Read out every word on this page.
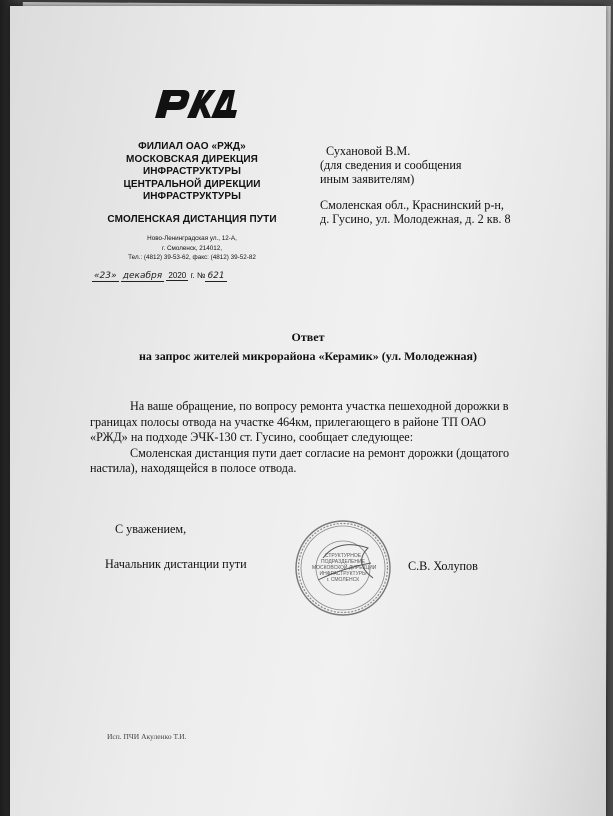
ФИЛИАЛ ОАО «РЖД»
МОСКОВСКАЯ ДИРЕКЦИЯ
ИНФРАСТРУКТУРЫ
ЦЕНТРАЛЬНОЙ ДИРЕКЦИИ
ИНФРАСТРУКТУРЫ
СМОЛЕНСКАЯ ДИСТАНЦИЯ ПУТИ
Ново-Ленинградская ул., 12-А,
г. Смоленск, 214012,
Тел.: (4812) 39-53-62, факс: (4812) 39-52-82
«23» декабря 2020 г. № 621
Сухановой В.М.
(для сведения и сообщения
иным заявителям)
Смоленская обл., Краснинский р-н,
д. Гусино, ул. Молодежная, д. 2 кв. 8
Ответ
на запрос жителей микрорайона «Керамик» (ул. Молодежная)
На ваше обращение, по вопросу ремонта участка пешеходной дорожки в
границах полосы отвода на участке 464км, прилегающего в районе ТП ОАО
«РЖД» на подходе ЭЧК-130 ст. Гусино, сообщает следующее:
Смоленская дистанция пути дает согласие на ремонт дорожки (дощатого
настила), находящейся в полосе отвода.
С уважением,
Начальник дистанции пути	С.В. Холупов
СТРУКТУРНОЕ
ПОДРАЗДЕЛЕНИЕ
МОСКОВСКОЙ ДИРЕКЦИИ
ИНФРАСТРУКТУРЫ
г. СМОЛЕНСК
Исп. ПЧИ Акуленко Т.И.
